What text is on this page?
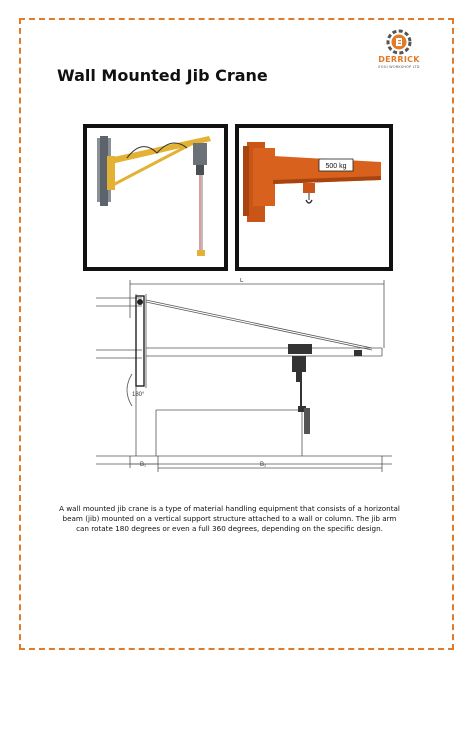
DERRICK
EOGI WORKSHOP LTD
Wall Mounted Jib Crane
500 kg
L
180°
B₁	B₂
A wall mounted jib crane is a type of material handling equipment that consists of a horizontal beam (jib) mounted on a vertical support structure attached to a wall or column. The jib arm can rotate 180 degrees or even a full 360 degrees, depending on the specific design.
